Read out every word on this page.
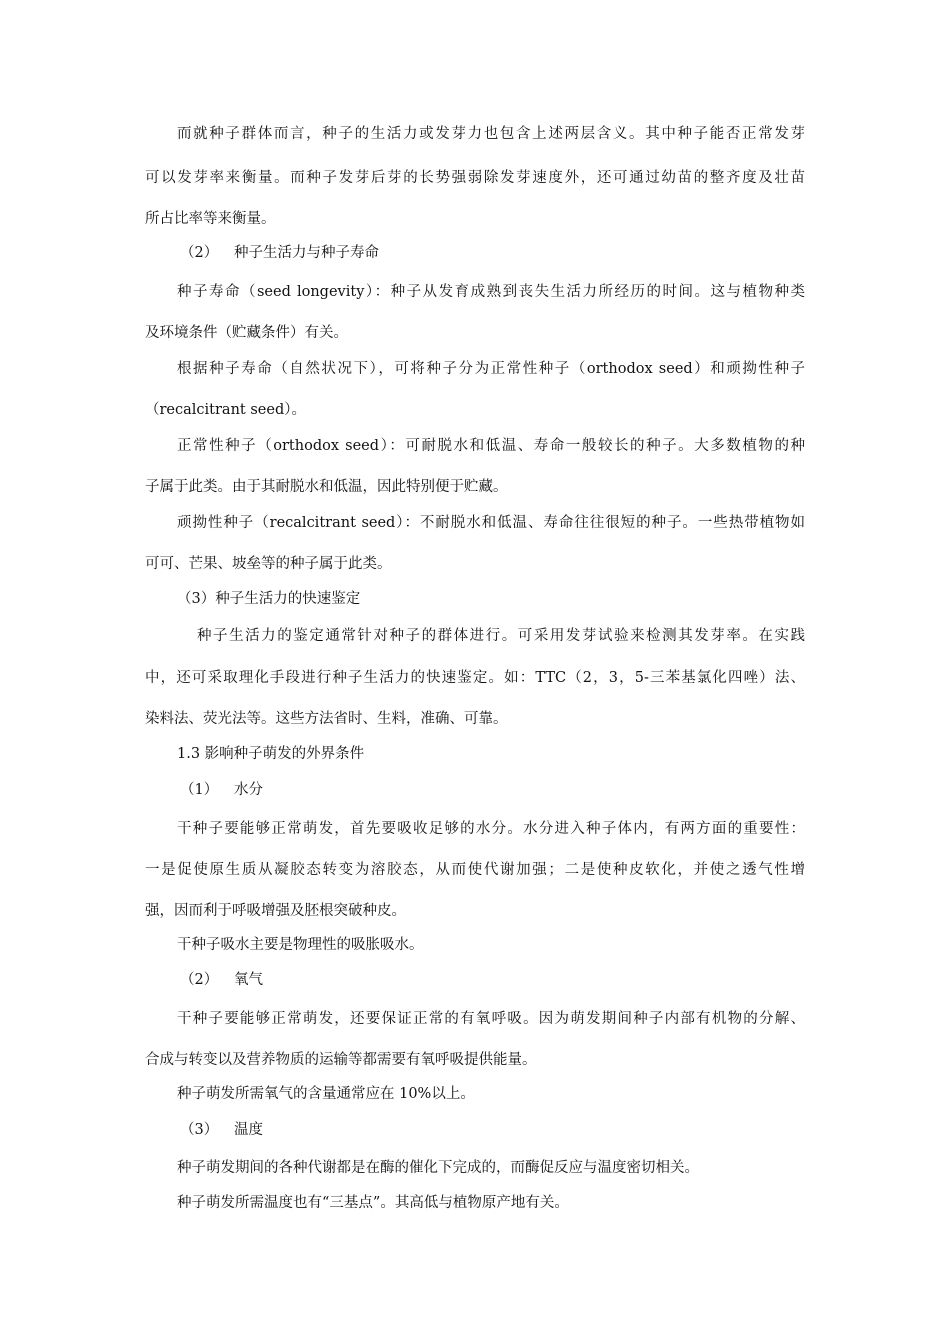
而就种子群体而言，种子的生活力或发芽力也包含上述两层含义。其中种子能否正常发芽
可以发芽率来衡量。而种子发芽后芽的长势强弱除发芽速度外，还可通过幼苗的整齐度及壮苗
所占比率等来衡量。
（2） 种子生活力与种子寿命
种子寿命（seed longevity）：种子从发育成熟到丧失生活力所经历的时间。这与植物种类
及环境条件（贮藏条件）有关。
根据种子寿命（自然状况下），可将种子分为正常性种子（orthodox seed）和顽拗性种子
（recalcitrant seed）。
正常性种子（orthodox seed）：可耐脱水和低温、寿命一般较长的种子。大多数植物的种
子属于此类。由于其耐脱水和低温，因此特别便于贮藏。
顽拗性种子（recalcitrant seed）：不耐脱水和低温、寿命往往很短的种子。一些热带植物如
可可、芒果、坡垒等的种子属于此类。
（3）种子生活力的快速鉴定
种子生活力的鉴定通常针对种子的群体进行。可采用发芽试验来检测其发芽率。在实践
中，还可采取理化手段进行种子生活力的快速鉴定。如：TTC（2，3，5-三苯基氯化四唑）法、
染料法、荧光法等。这些方法省时、生料，准确、可靠。
1.3 影响种子萌发的外界条件
（1） 水分
干种子要能够正常萌发，首先要吸收足够的水分。水分进入种子体内，有两方面的重要性：
一是促使原生质从凝胶态转变为溶胶态，从而使代谢加强；二是使种皮软化，并使之透气性增
强，因而利于呼吸增强及胚根突破种皮。
干种子吸水主要是物理性的吸胀吸水。
（2） 氧气
干种子要能够正常萌发，还要保证正常的有氧呼吸。因为萌发期间种子内部有机物的分解、
合成与转变以及营养物质的运输等都需要有氧呼吸提供能量。
种子萌发所需氧气的含量通常应在 10%以上。
（3） 温度
种子萌发期间的各种代谢都是在酶的催化下完成的，而酶促反应与温度密切相关。
种子萌发所需温度也有“三基点”。其高低与植物原产地有关。
